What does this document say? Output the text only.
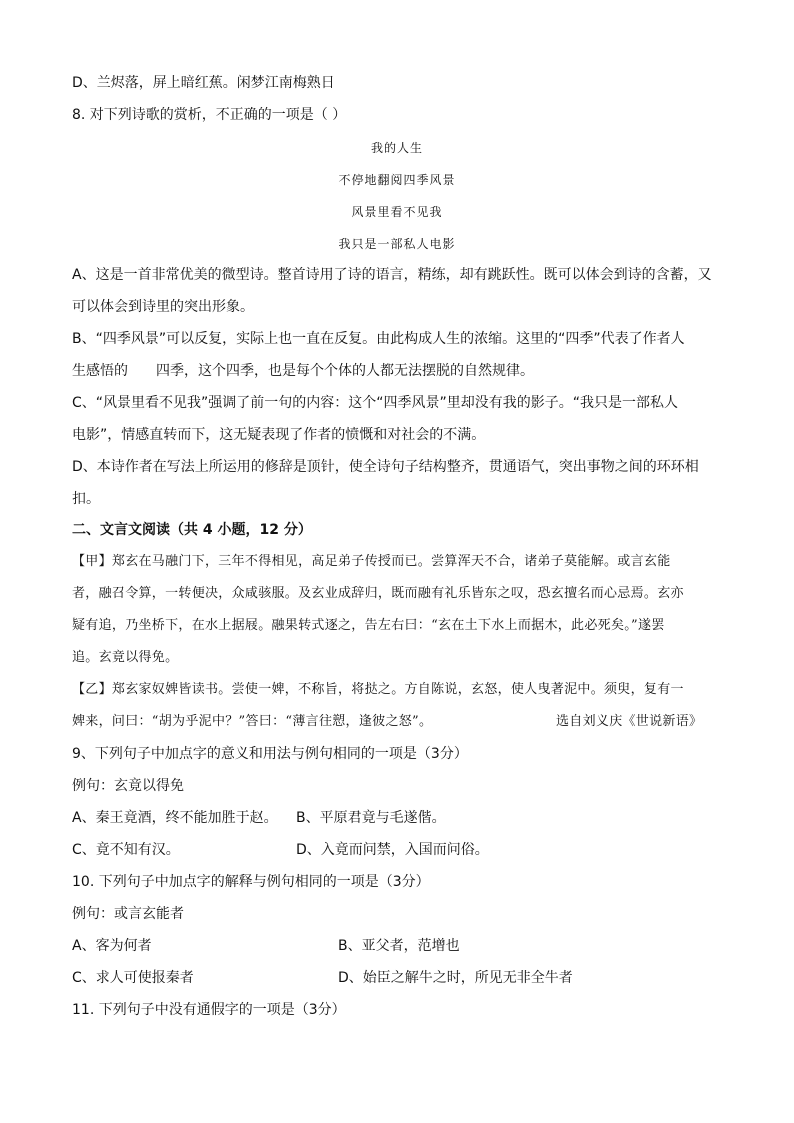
D、兰烬落，屏上暗红蕉。闲梦江南梅熟日
8. 对下列诗歌的赏析，不正确的一项是（ ）
我的人生
不停地翻阅四季风景
风景里看不见我
我只是一部私人电影
A、这是一首非常优美的微型诗。整首诗用了诗的语言，精练，却有跳跃性。既可以体会到诗的含蓄，又
可以体会到诗里的突出形象。
B、“四季风景”可以反复，实际上也一直在反复。由此构成人生的浓缩。这里的“四季”代表了作者人
生感悟的 四季，这个四季，也是每个个体的人都无法摆脱的自然规律。
C、“风景里看不见我”强调了前一句的内容：这个“四季风景”里却没有我的影子。“我只是一部私人
电影”，情感直转而下，这无疑表现了作者的愤慨和对社会的不满。
D、本诗作者在写法上所运用的修辞是顶针，使全诗句子结构整齐，贯通语气，突出事物之间的环环相
扣。
二、文言文阅读（共 4 小题，12 分）
【甲】郑玄在马融门下，三年不得相见，高足弟子传授而已。尝算浑天不合，诸弟子莫能解。或言玄能
者，融召令算，一转便决，众咸骇服。及玄业成辞归，既而融有礼乐皆东之叹，恐玄擅名而心忌焉。玄亦
疑有追，乃坐桥下，在水上据屐。融果转式逐之，告左右曰：“玄在土下水上而据木，此必死矣。”遂罢
追。玄竟以得免。
【乙】郑玄家奴婢皆读书。尝使一婢，不称旨，将挞之。方自陈说，玄怒，使人曳著泥中。须臾，复有一
婢来，问曰：“胡为乎泥中？”答曰：“薄言往愬，逢彼之怒”。	选自刘义庆《世说新语》
9、下列句子中加点字的意义和用法与例句相同的一项是（3分）
例句：玄竟以得免
A、秦王竟酒，终不能加胜于赵。 B、平原君竟与毛遂偕。
C、竟不知有汉。	D、入竟而问禁，入国而问俗。
10. 下列句子中加点字的解释与例句相同的一项是（3分）
例句：或言玄能者
A、客为何者	B、亚父者，范增也
C、求人可使报秦者	D、始臣之解牛之时，所见无非全牛者
11. 下列句子中没有通假字的一项是（3分）
